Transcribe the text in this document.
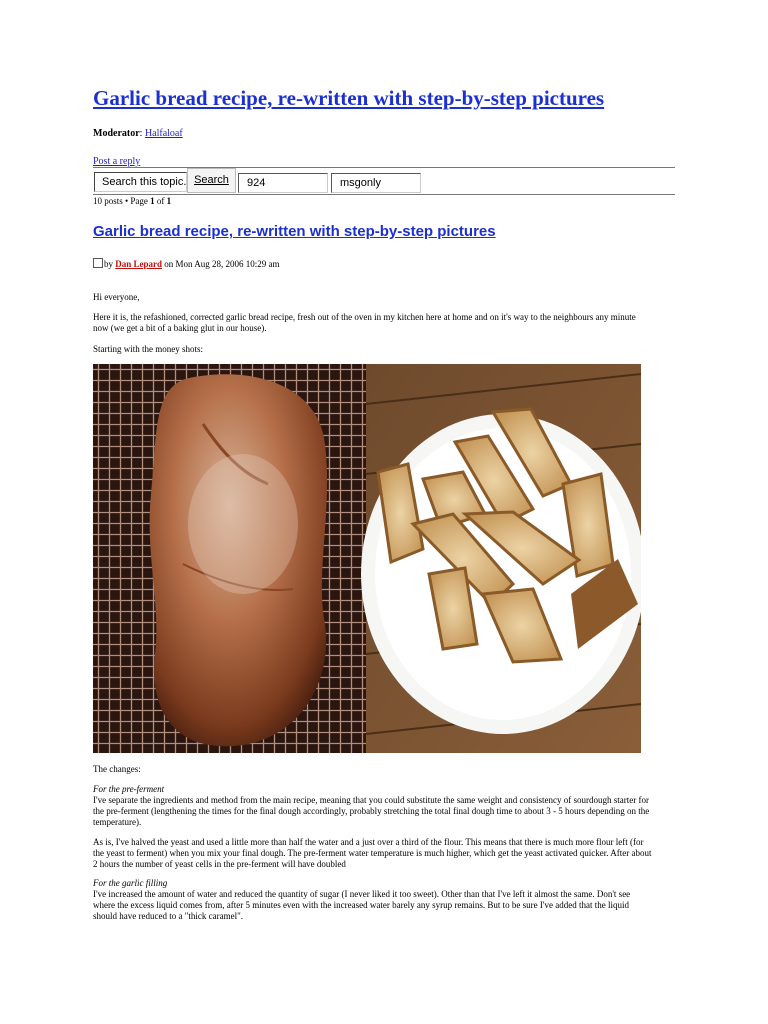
Garlic bread recipe, re-written with step-by-step pictures
Moderator: Halfaloaf
Post a reply
Search this topic...
Search
924
msgonly
10 posts • Page 1 of 1
Garlic bread recipe, re-written with step-by-step pictures
by Dan Lepard on Mon Aug 28, 2006 10:29 am

Hi everyone,

Here it is, the refashioned, corrected garlic bread recipe, fresh out of the oven in my kitchen here at home and on it's way to the neighbours any minute now (we get a bit of a baking glut in our house).

Starting with the money shots:

The changes:

For the pre-ferment

I've separate the ingredients and method from the main recipe, meaning that you could substitute the same weight and consistency of sourdough starter for the pre-ferment (lengthening the times for the final dough accordingly, probably stretching the total final dough time to about 3 - 5 hours depending on the temperature).

As is, I've halved the yeast and used a little more than half the water and a just over a third of the flour. This means that there is much more flour left (for the yeast to ferment) when you mix your final dough. The pre-ferment water temperature is much higher, which get the yeast activated quicker. After about 2 hours the number of yeast cells in the pre-ferment will have doubled

For the garlic filling

I've increased the amount of water and reduced the quantity of sugar (I never liked it too sweet). Other than that I've left it almost the same. Don't see where the excess liquid comes from, after 5 minutes even with the increased water barely any syrup remains. But to be sure I've added that the liquid should have reduced to a "thick caramel".
